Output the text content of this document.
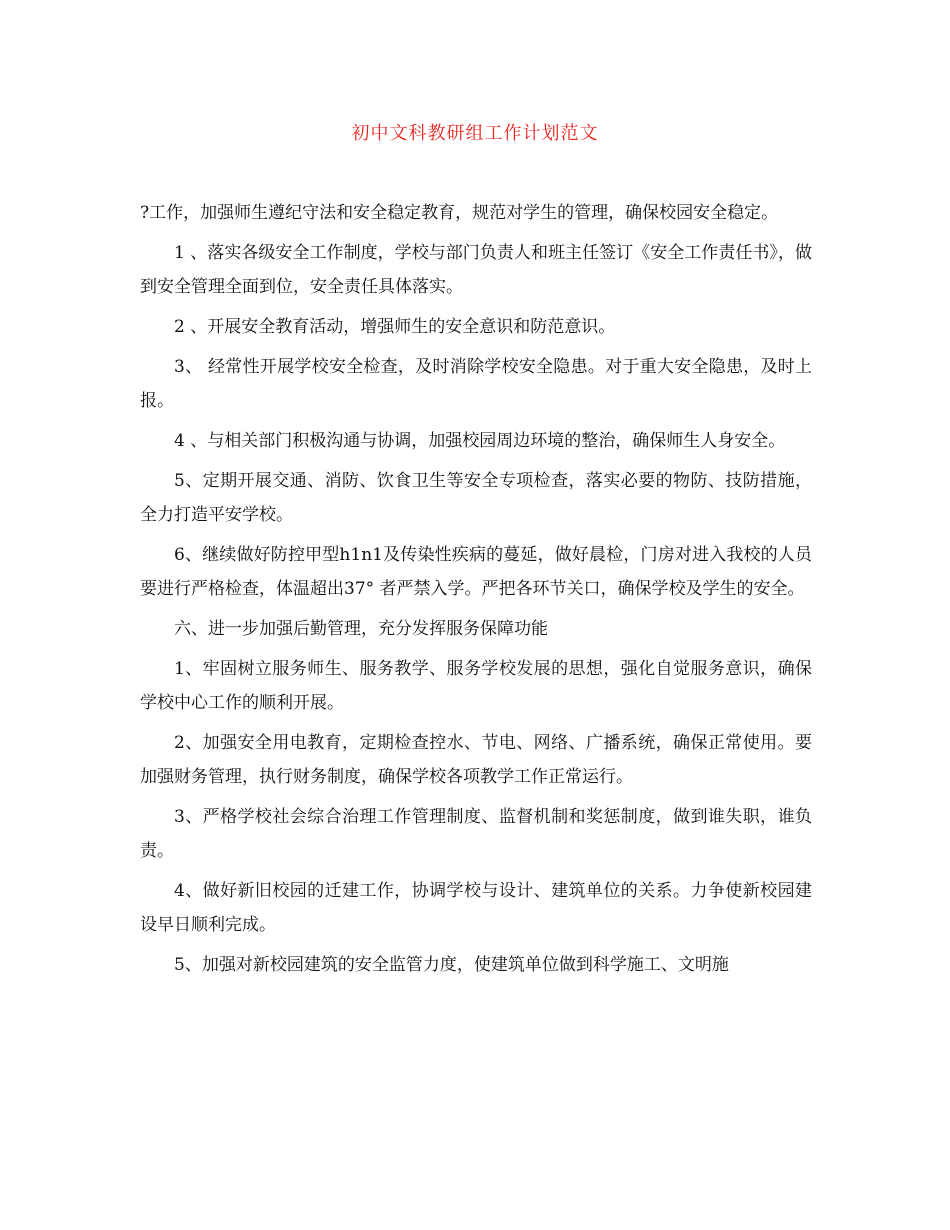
初中文科教研组工作计划范文

?工作，加强师生遵纪守法和安全稳定教育，规范对学生的管理，确保校园安全稳定。

1 、落实各级安全工作制度，学校与部门负责人和班主任签订《安全工作责任书》，做到安全管理全面到位，安全责任具体落实。

2 、开展安全教育活动，增强师生的安全意识和防范意识。

3、 经常性开展学校安全检查，及时消除学校安全隐患。对于重大安全隐患，及时上报。

4 、与相关部门积极沟通与协调，加强校园周边环境的整治，确保师生人身安全。

5、定期开展交通、消防、饮食卫生等安全专项检查，落实必要的物防、技防措施，全力打造平安学校。

6、继续做好防控甲型h1n1及传染性疾病的蔓延，做好晨检，门房对进入我校的人员要进行严格检查，体温超出37° 者严禁入学。严把各环节关口，确保学校及学生的安全。

六、进一步加强后勤管理，充分发挥服务保障功能

1、牢固树立服务师生、服务教学、服务学校发展的思想，强化自觉服务意识，确保学校中心工作的顺利开展。

2、加强安全用电教育，定期检查控水、节电、网络、广播系统，确保正常使用。要加强财务管理，执行财务制度，确保学校各项教学工作正常运行。

3、严格学校社会综合治理工作管理制度、监督机制和奖惩制度，做到谁失职，谁负责。

4、做好新旧校园的迁建工作，协调学校与设计、建筑单位的关系。力争使新校园建设早日顺利完成。

5、加强对新校园建筑的安全监管力度，使建筑单位做到科学施工、文明施
